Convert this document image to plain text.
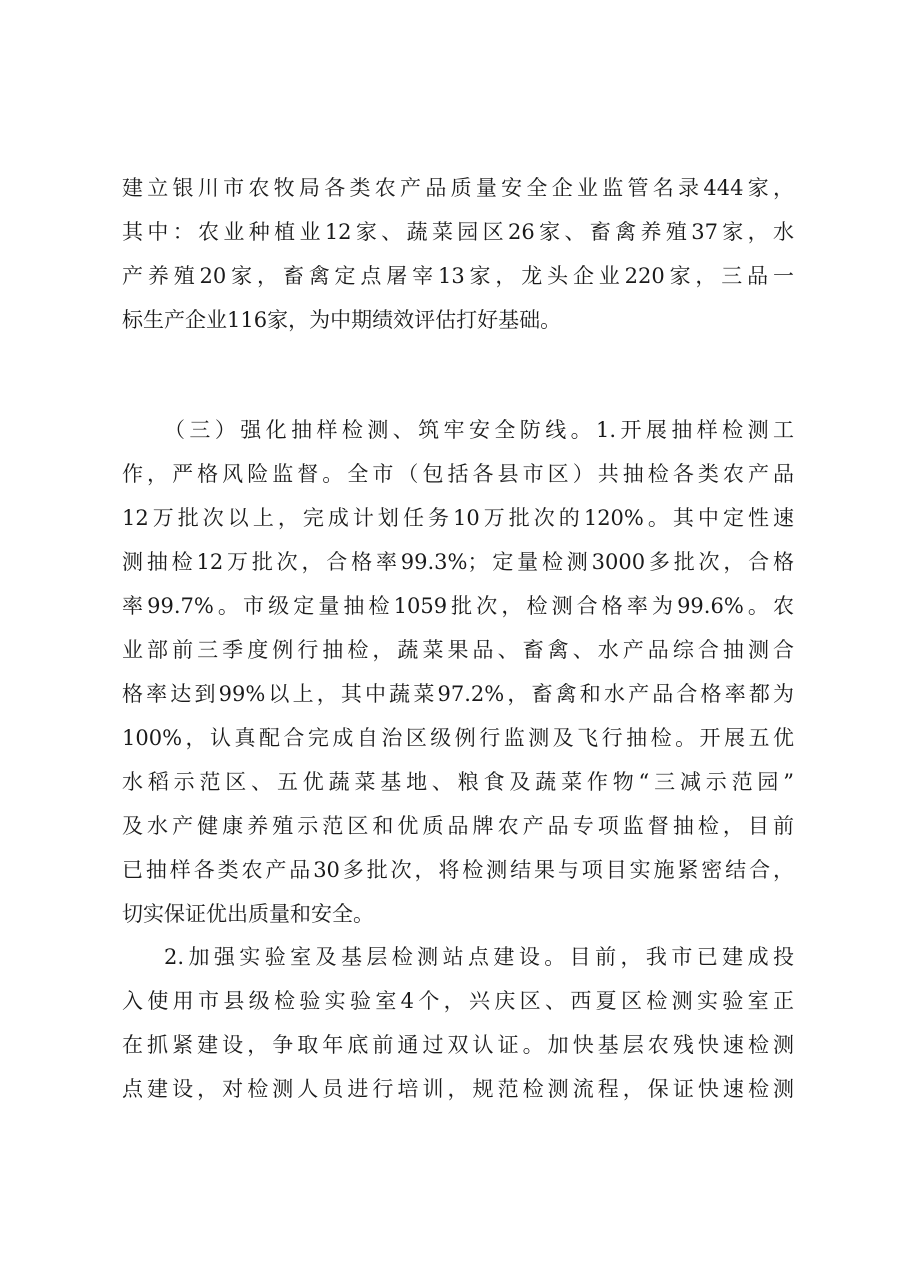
建立银川市农牧局各类农产品质量安全企业监管名录444家，
其中：农业种植业12家、蔬菜园区26家、畜禽养殖37家，水
产养殖20家，畜禽定点屠宰13家，龙头企业220家，三品一
标生产企业116家，为中期绩效评估打好基础。
（三）强化抽样检测、筑牢安全防线。1.开展抽样检测工
作，严格风险监督。全市（包括各县市区）共抽检各类农产品
12万批次以上，完成计划任务10万批次的120%。其中定性速
测抽检12万批次，合格率99.3%；定量检测3000多批次，合格
率99.7%。市级定量抽检1059批次，检测合格率为99.6%。农
业部前三季度例行抽检，蔬菜果品、畜禽、水产品综合抽测合
格率达到99%以上，其中蔬菜97.2%，畜禽和水产品合格率都为
100%，认真配合完成自治区级例行监测及飞行抽检。开展五优
水稻示范区、五优蔬菜基地、粮食及蔬菜作物“三减示范园”
及水产健康养殖示范区和优质品牌农产品专项监督抽检，目前
已抽样各类农产品30多批次，将检测结果与项目实施紧密结合，
切实保证优出质量和安全。
2.加强实验室及基层检测站点建设。目前，我市已建成投
入使用市县级检验实验室4个，兴庆区、西夏区检测实验室正
在抓紧建设，争取年底前通过双认证。加快基层农残快速检测
点建设，对检测人员进行培训，规范检测流程，保证快速检测
